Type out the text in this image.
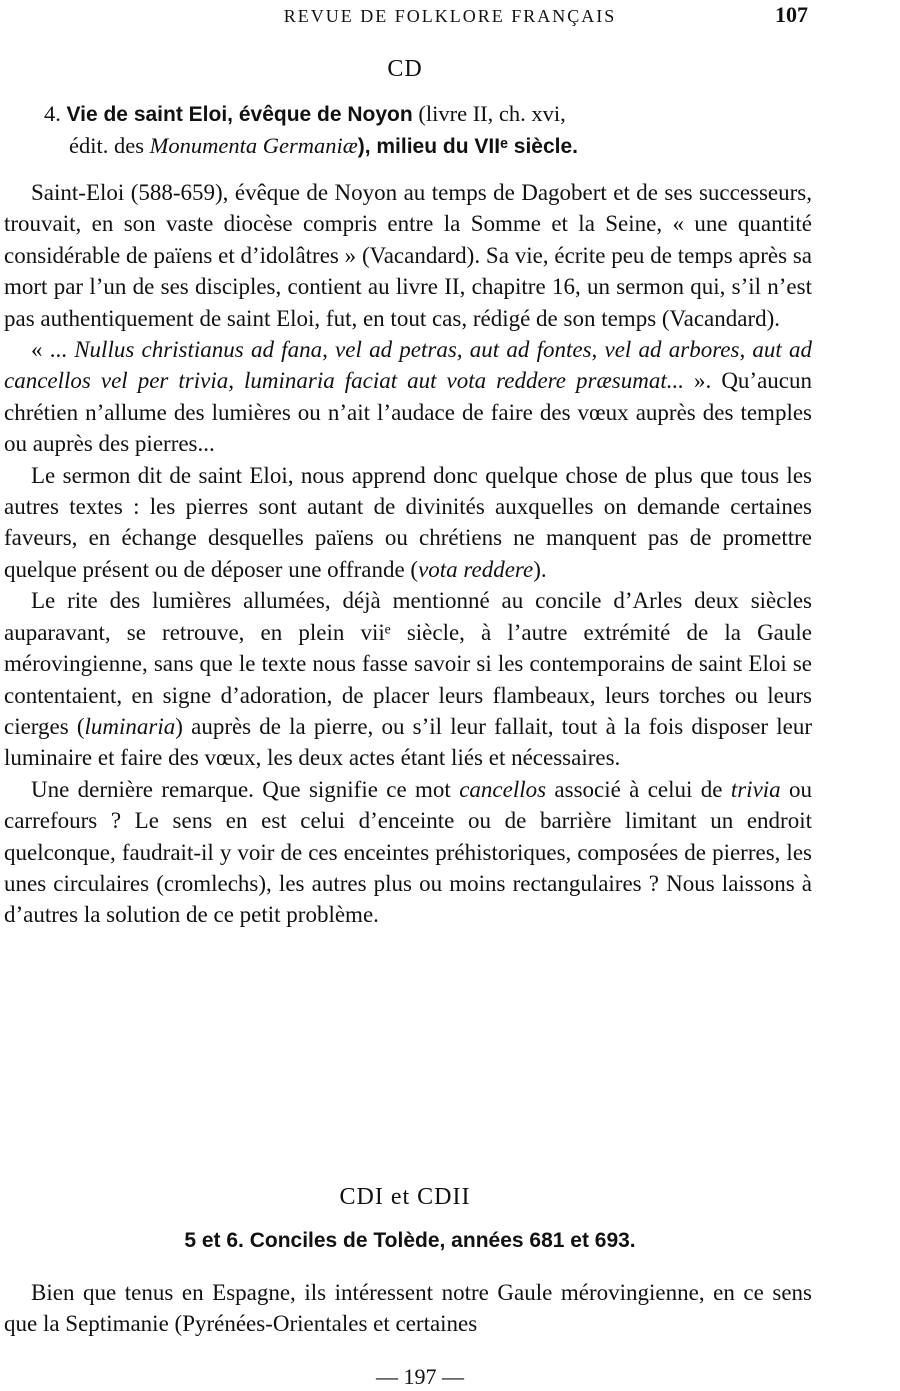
REVUE DE FOLKLORE FRANÇAIS	107
CD
4. Vie de saint Eloi, évêque de Noyon (livre II, ch. xvi,
édit. des Monumenta Germaniæ), milieu du VIIᵉ siècle.

Saint-Eloi (588-659), évêque de Noyon au temps de Dagobert et de ses successeurs, trouvait, en son vaste diocèse compris entre la Somme et la Seine, « une quantité considérable de païens et d’idolâtres » (Vacandard). Sa vie, écrite peu de temps après sa mort par l’un de ses disciples, contient au livre II, chapitre 16, un sermon qui, s’il n’est pas authentiquement de saint Eloi, fut, en tout cas, rédigé de son temps (Vacandard).

« ... Nullus christianus ad fana, vel ad petras, aut ad fontes, vel ad arbores, aut ad cancellos vel per trivia, luminaria faciat aut vota reddere præsumat... ». Qu’aucun chrétien n’allume des lumières ou n’ait l’audace de faire des vœux auprès des temples ou auprès des pierres...

Le sermon dit de saint Eloi, nous apprend donc quelque chose de plus que tous les autres textes : les pierres sont autant de divinités auxquelles on demande certaines faveurs, en échange desquelles païens ou chrétiens ne manquent pas de promettre quelque présent ou de déposer une offrande (vota reddere).

Le rite des lumières allumées, déjà mentionné au concile d’Arles deux siècles auparavant, se retrouve, en plein viiᵉ siècle, à l’autre extrémité de la Gaule mérovingienne, sans que le texte nous fasse savoir si les contemporains de saint Eloi se contentaient, en signe d’adoration, de placer leurs flambeaux, leurs torches ou leurs cierges (luminaria) auprès de la pierre, ou s’il leur fallait, tout à la fois disposer leur luminaire et faire des vœux, les deux actes étant liés et nécessaires.

Une dernière remarque. Que signifie ce mot cancellos associé à celui de trivia ou carrefours ? Le sens en est celui d’enceinte ou de barrière limitant un endroit quelconque, faudrait-il y voir de ces enceintes préhistoriques, composées de pierres, les unes circulaires (cromlechs), les autres plus ou moins rectangulaires ? Nous laissons à d’autres la solution de ce petit problème.

CDI et CDII
5 et 6. Conciles de Tolède, années 681 et 693.

Bien que tenus en Espagne, ils intéressent notre Gaule mérovingienne, en ce sens que la Septimanie (Pyrénées-Orientales et certaines

— 197 —
